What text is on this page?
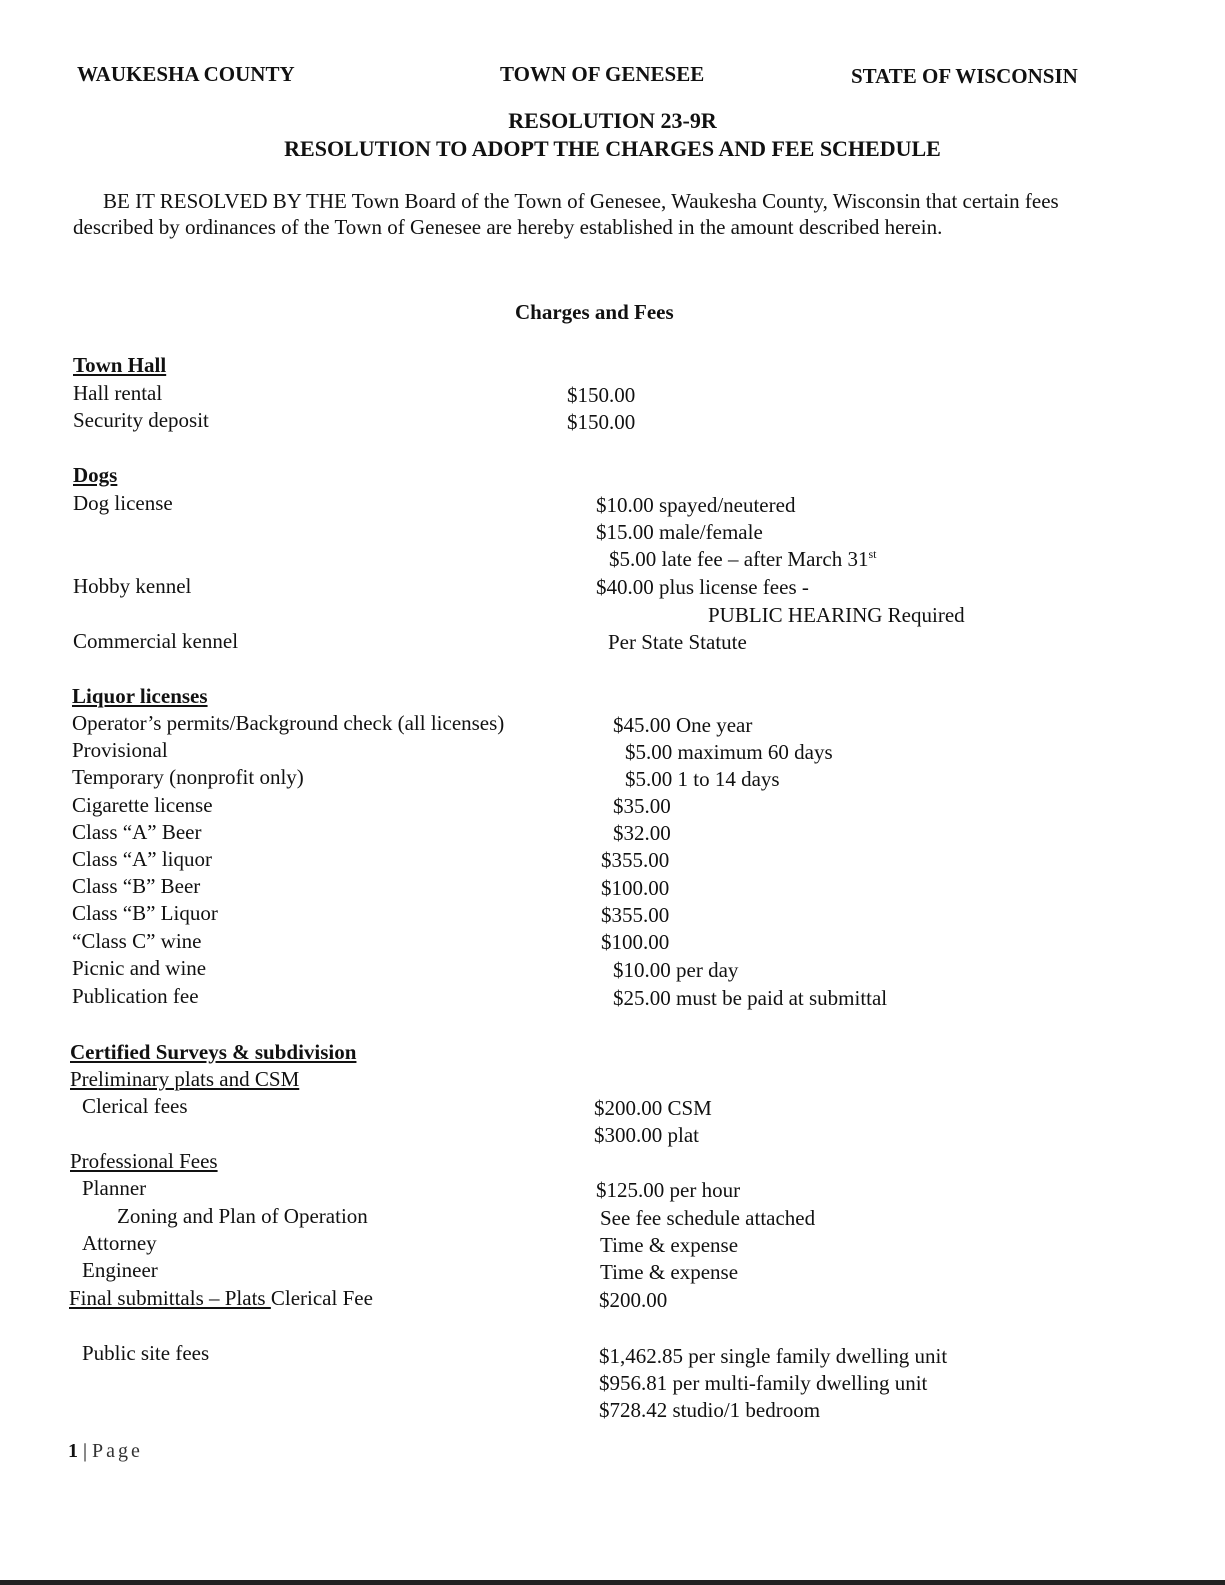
WAUKESHA COUNTY	TOWN OF GENESEE	STATE OF WISCONSIN
RESOLUTION 23-9R
RESOLUTION TO ADOPT THE CHARGES AND FEE SCHEDULE
BE IT RESOLVED BY THE Town Board of the Town of Genesee, Waukesha County, Wisconsin that certain fees described by ordinances of the Town of Genesee are hereby established in the amount described herein.
Charges and Fees
Town Hall
Hall rental	$150.00
Security deposit	$150.00
Dogs
Dog license	$10.00 spayed/neutered
$15.00 male/female
$5.00 late fee – after March 31st
Hobby kennel	$40.00 plus license fees -
PUBLIC HEARING Required
Commercial kennel	Per State Statute
Liquor licenses
Operator’s permits/Background check (all licenses)	$45.00 One year
Provisional	$5.00 maximum 60 days
Temporary (nonprofit only)	$5.00 1 to 14 days
Cigarette license	$35.00
Class “A” Beer	$32.00
Class “A” liquor	$355.00
Class “B” Beer	$100.00
Class “B” Liquor	$355.00
“Class C” wine	$100.00
Picnic and wine	$10.00 per day
Publication fee	$25.00 must be paid at submittal
Certified Surveys & subdivision
Preliminary plats and CSM
Clerical fees	$200.00 CSM
$300.00 plat
Professional Fees
Planner	$125.00 per hour
Zoning and Plan of Operation	See fee schedule attached
Attorney	Time & expense
Engineer	Time & expense
Final submittals – Plats Clerical Fee	$200.00
Public site fees	$1,462.85 per single family dwelling unit
$956.81 per multi-family dwelling unit
$728.42 studio/1 bedroom
1 | Page
